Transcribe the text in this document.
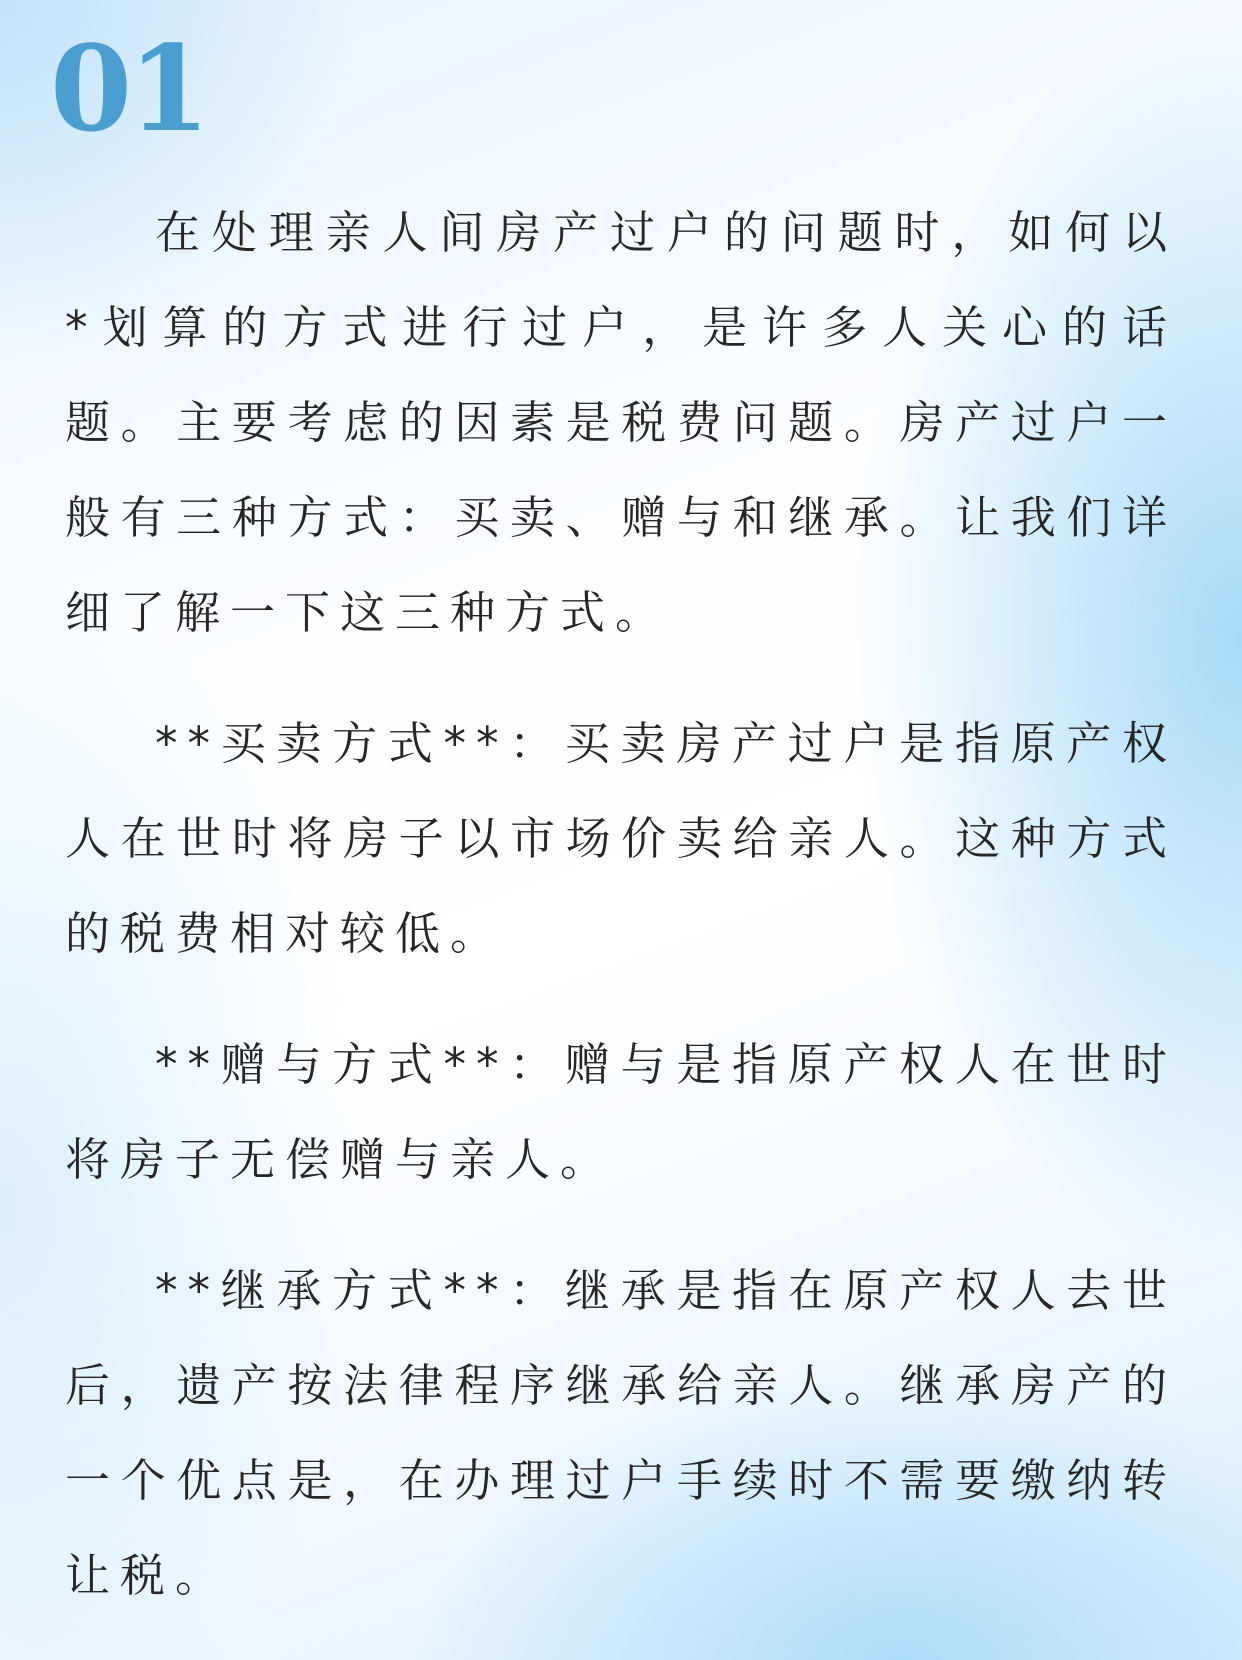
01

在处理亲人间房产过户的问题时，如何以*划算的方式进行过户，是许多人关心的话题。主要考虑的因素是税费问题。房产过户一般有三种方式：买卖、赠与和继承。让我们详细了解一下这三种方式。

**买卖方式**：买卖房产过户是指原产权人在世时将房子以市场价卖给亲人。这种方式的税费相对较低。

**赠与方式**：赠与是指原产权人在世时将房子无偿赠与亲人。

**继承方式**：继承是指在原产权人去世后，遗产按法律程序继承给亲人。继承房产的一个优点是，在办理过户手续时不需要缴纳转让税。
